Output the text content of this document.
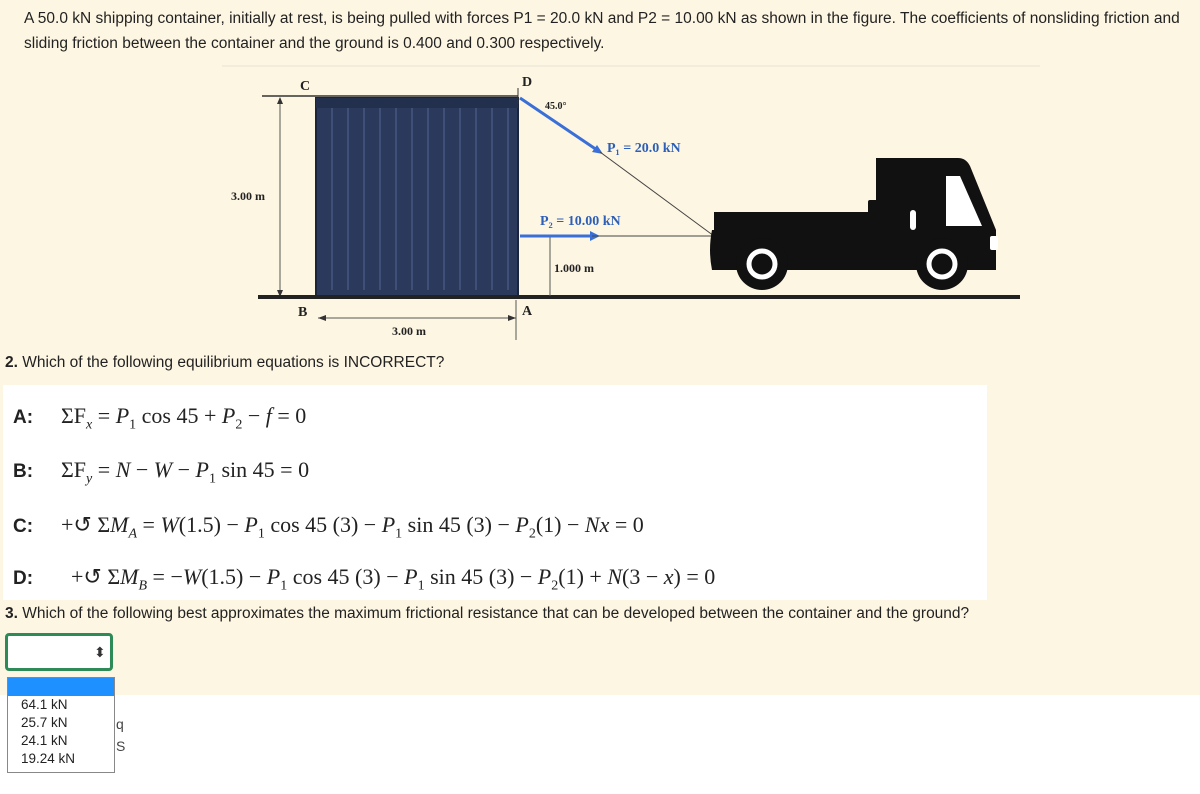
A 50.0 kN shipping container, initially at rest, is being pulled with forces P1 = 20.0 kN and P2 = 10.00 kN as shown in the figure. The coefficients of nonsliding friction and sliding friction between the container and the ground is 0.400 and 0.300 respectively.

C	D
45.0°
P₁ = 20.0 kN
3.00 m
P₂ = 10.00 kN
1.000 m
B	A
3.00 m

2. Which of the following equilibrium equations is INCORRECT?

A: $\Sigma F_x = P_1$ $\cos 45 + P_2 - f = 0$
B: $\Sigma F_y = N - W - P_1$ sin 45 = 0
C: +↺ $\Sigma M_A = W(1.5) - P_1$ cos 45 $(3) - P_1$ sin 45 $(3) - P_2(1) - Nx = 0$
D: +↺ $\Sigma M_B = -W(1.5) - P_1$ cos 45 $(3) - P_1$ sin 45 $(3) - P_2(1) + N(3 - x) = 0$

3. Which of the following best approximates the maximum frictional resistance that can be developed between the container and the ground?

⬍
64.1 kN
25.7 kN
24.1 kN
19.24 kN
q
S
